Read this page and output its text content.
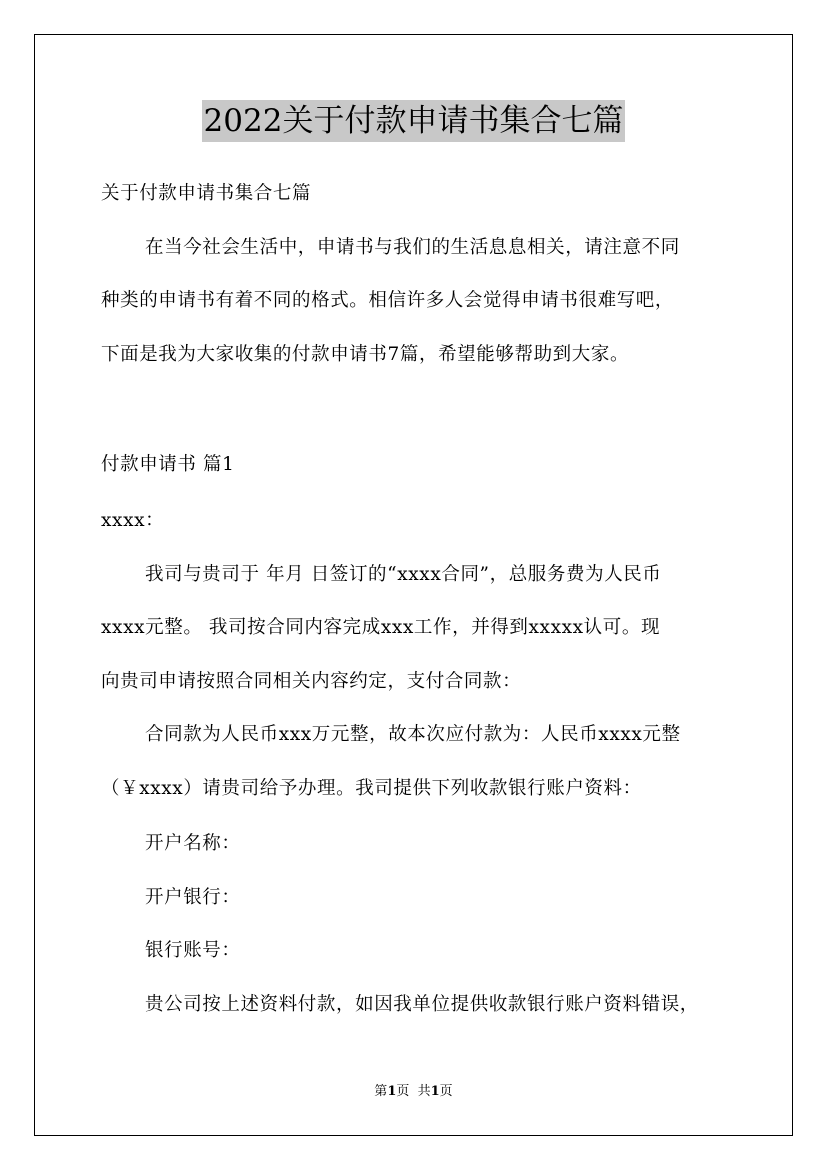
2022关于付款申请书集合七篇
关于付款申请书集合七篇
在当今社会生活中，申请书与我们的生活息息相关，请注意不同
种类的申请书有着不同的格式。相信许多人会觉得申请书很难写吧，
下面是我为大家收集的付款申请书7篇，希望能够帮助到大家。
付款申请书 篇1
xxxx：
我司与贵司于 年月 日签订的“xxxx合同”，总服务费为人民币
xxxx元整。 我司按合同内容完成xxx工作，并得到xxxxx认可。现
向贵司申请按照合同相关内容约定，支付合同款：
合同款为人民币xxx万元整，故本次应付款为：人民币xxxx元整
（￥xxxx）请贵司给予办理。我司提供下列收款银行账户资料：
开户名称：
开户银行：
银行账号：
贵公司按上述资料付款，如因我单位提供收款银行账户资料错误，
第1页  共1页
